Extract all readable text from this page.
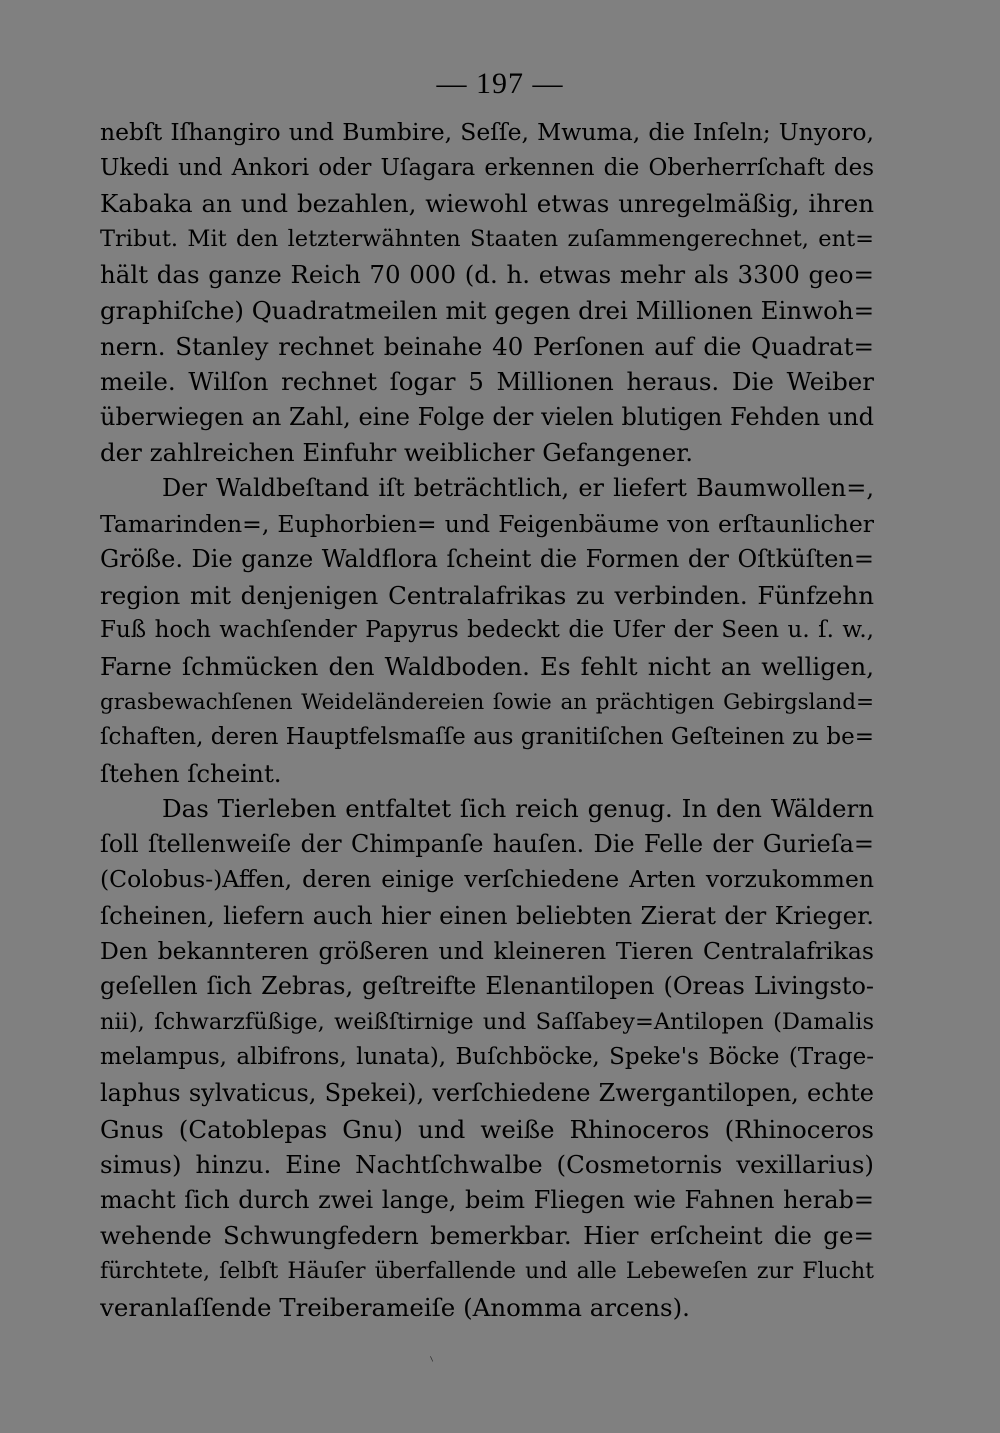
— 197 —
nebſt Iſhangiro und Bumbire, Seſſe, Mwuma, die Inſeln; Unyoro,
Ukedi und Ankori oder Uſagara erkennen die Oberherrſchaft des
Kabaka an und bezahlen, wiewohl etwas unregelmäßig, ihren
Tribut. Mit den letzterwähnten Staaten zuſammengerechnet, ent=
hält das ganze Reich 70 000 (d. h. etwas mehr als 3300 geo=
graphiſche) Quadratmeilen mit gegen drei Millionen Einwoh=
nern. Stanley rechnet beinahe 40 Perſonen auf die Quadrat=
meile. Wilſon rechnet ſogar 5 Millionen heraus. Die Weiber
überwiegen an Zahl, eine Folge der vielen blutigen Fehden und
der zahlreichen Einfuhr weiblicher Gefangener.
Der Waldbeſtand iſt beträchtlich, er liefert Baumwollen=,
Tamarinden=, Euphorbien= und Feigenbäume von erſtaunlicher
Größe. Die ganze Waldflora ſcheint die Formen der Oſtküſten=
region mit denjenigen Centralafrikas zu verbinden. Fünfzehn
Fuß hoch wachſender Papyrus bedeckt die Ufer der Seen u. ſ. w.,
Farne ſchmücken den Waldboden. Es fehlt nicht an welligen,
grasbewachſenen Weideländereien ſowie an prächtigen Gebirgsland=
ſchaften, deren Hauptfelsmaſſe aus granitiſchen Geſteinen zu be=
ſtehen ſcheint.
Das Tierleben entfaltet ſich reich genug. In den Wäldern
ſoll ſtellenweiſe der Chimpanſe hauſen. Die Felle der Gurieſa=
(Colobus-)Affen, deren einige verſchiedene Arten vorzukommen
ſcheinen, liefern auch hier einen beliebten Zierat der Krieger.
Den bekannteren größeren und kleineren Tieren Centralafrikas
geſellen ſich Zebras, geſtreifte Elenantilopen (Oreas Livingsto-
nii), ſchwarzfüßige, weißſtirnige und Saſſabey=Antilopen (Damalis
melampus, albifrons, lunata), Buſchböcke, Speke's Böcke (Trage-
laphus sylvaticus, Spekei), verſchiedene Zwergantilopen, echte
Gnus (Catoblepas Gnu) und weiße Rhinoceros (Rhinoceros
simus) hinzu. Eine Nachtſchwalbe (Cosmetornis vexillarius)
macht ſich durch zwei lange, beim Fliegen wie Fahnen herab=
wehende Schwungfedern bemerkbar. Hier erſcheint die ge=
fürchtete, ſelbſt Häuſer überfallende und alle Lebeweſen zur Flucht
veranlaſſende Treiberameiſe (Anomma arcens).
⸌
